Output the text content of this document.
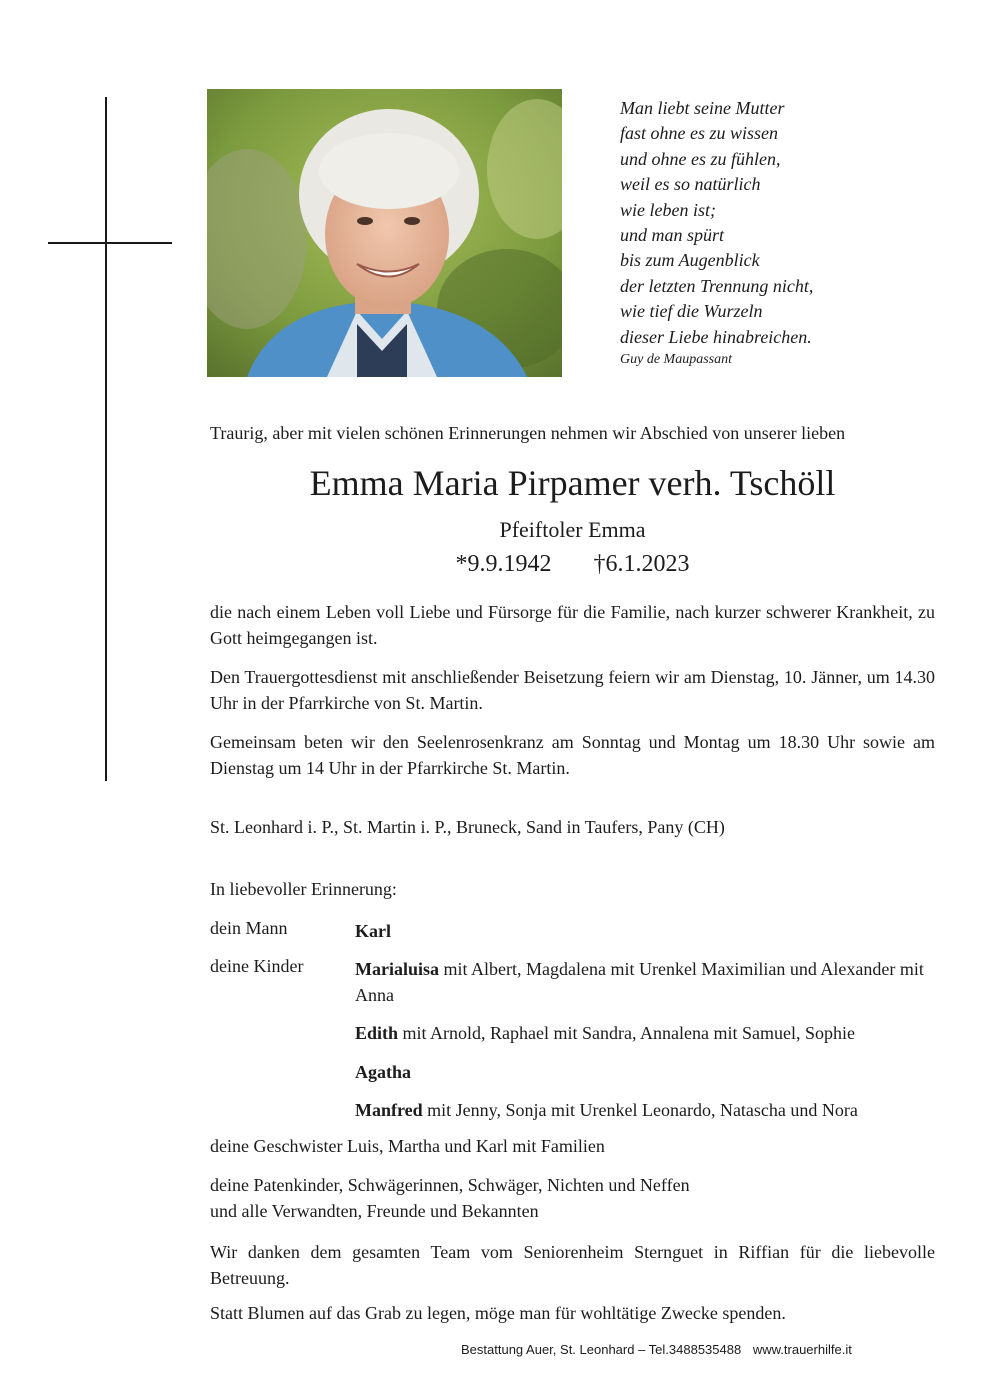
Man liebt seine Mutter
fast ohne es zu wissen
und ohne es zu fühlen,
weil es so natürlich
wie leben ist;
und man spürt
bis zum Augenblick
der letzten Trennung nicht,
wie tief die Wurzeln
dieser Liebe hinabreichen.
Guy de Maupassant
Traurig, aber mit vielen schönen Erinnerungen nehmen wir Abschied von unserer lieben
Emma Maria Pirpamer verh. Tschöll
Pfeiftoler Emma
*9.9.1942 †6.1.2023
die nach einem Leben voll Liebe und Fürsorge für die Familie, nach kurzer schwerer Krankheit, zu Gott heimgegangen ist.
Den Trauergottesdienst mit anschließender Beisetzung feiern wir am Dienstag, 10. Jänner, um 14.30 Uhr in der Pfarrkirche von St. Martin.
Gemeinsam beten wir den Seelenrosenkranz am Sonntag und Montag um 18.30 Uhr sowie am Dienstag um 14 Uhr in der Pfarrkirche St. Martin.
St. Leonhard i. P., St. Martin i. P., Bruneck, Sand in Taufers, Pany (CH)
In liebevoller Erinnerung:
dein Mann	Karl
deine Kinder	Marialuisa mit Albert, Magdalena mit Urenkel Maximilian und Alexander mit Anna
Edith mit Arnold, Raphael mit Sandra, Annalena mit Samuel, Sophie
Agatha
Manfred mit Jenny, Sonja mit Urenkel Leonardo, Natascha und Nora
deine Geschwister Luis, Martha und Karl mit Familien
deine Patenkinder, Schwägerinnen, Schwäger, Nichten und Neffen
und alle Verwandten, Freunde und Bekannten
Wir danken dem gesamten Team vom Seniorenheim Sternguet in Riffian für die liebevolle Betreuung.
Statt Blumen auf das Grab zu legen, möge man für wohltätige Zwecke spenden.
Bestattung Auer, St. Leonhard – Tel.3488535488 www.trauerhilfe.it
